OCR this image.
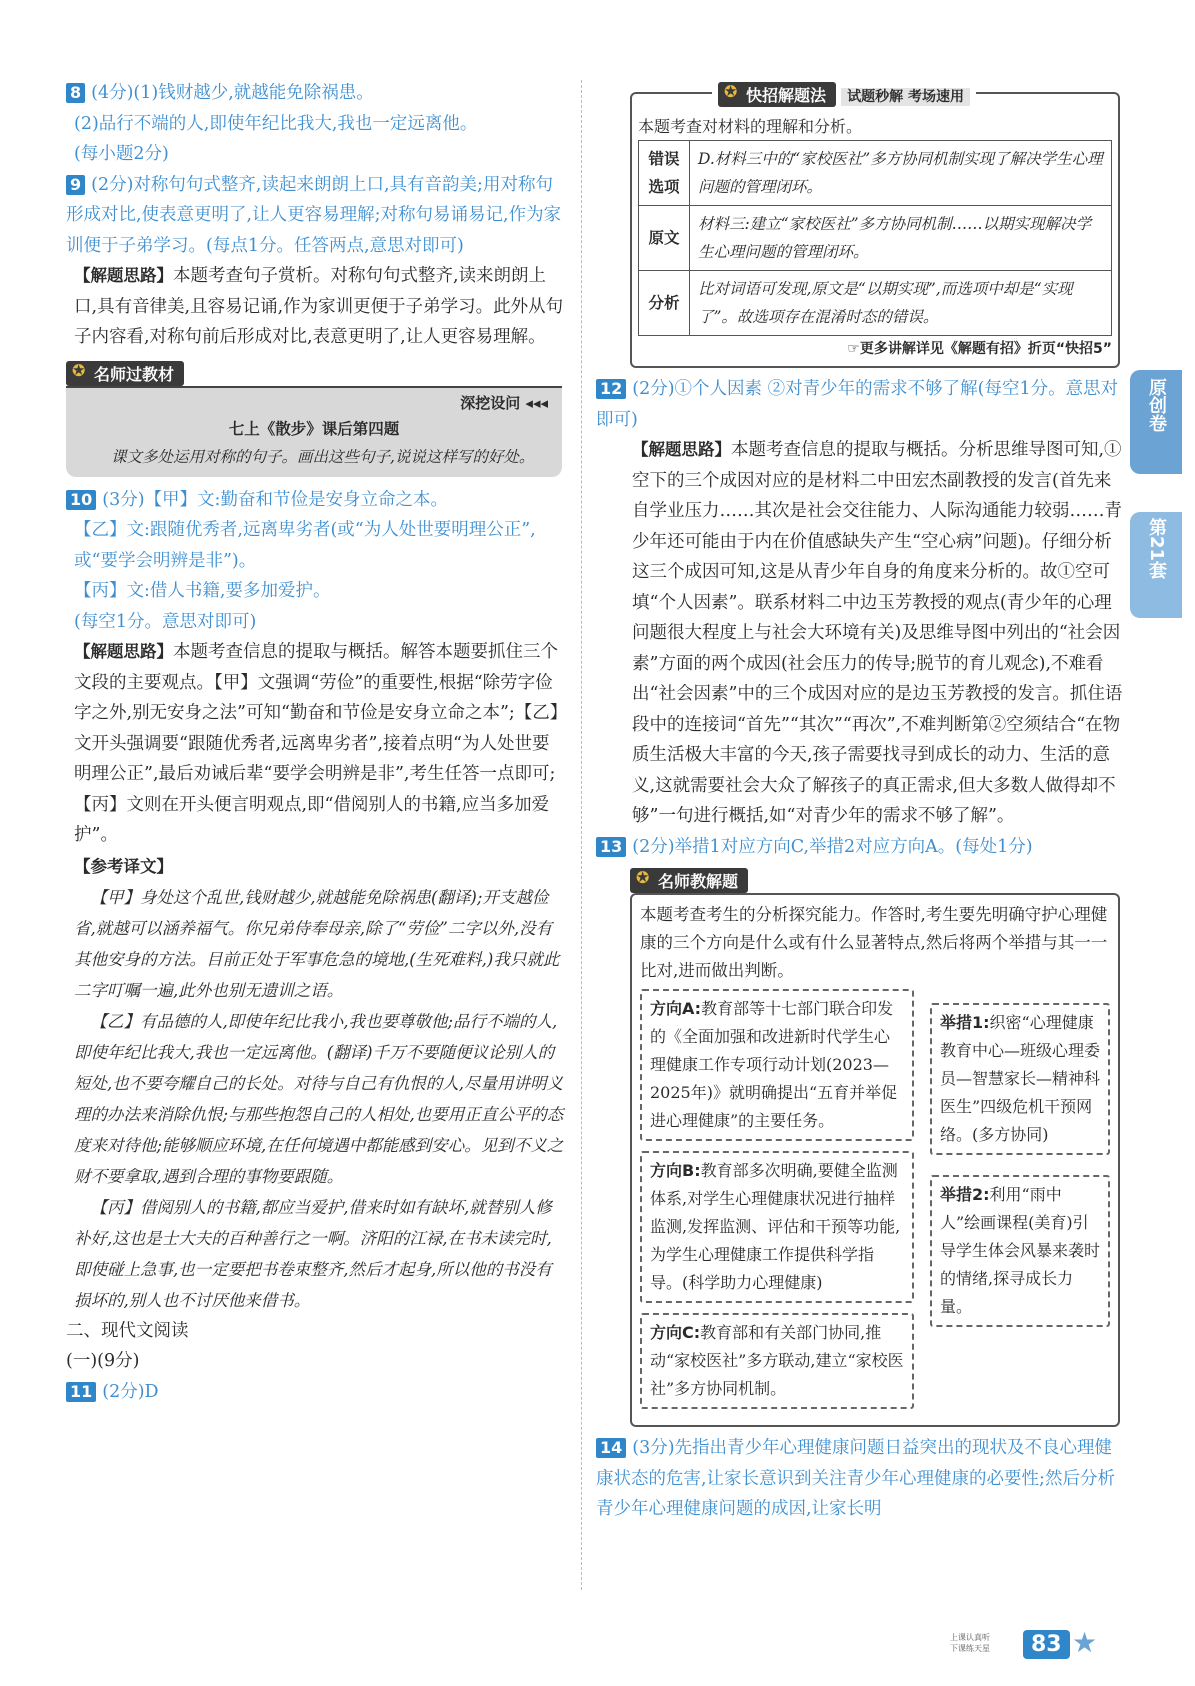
8 (4分)(1)钱财越少,就越能免除祸患。

(2)品行不端的人,即使年纪比我大,我也一定远离他。

(每小题2分)

9 (2分)对称句句式整齐,读起来朗朗上口,具有音韵美;用对称句形成对比,使表意更明了,让人更容易理解;对称句易诵易记,作为家训便于子弟学习。(每点1分。任答两点,意思对即可)

【解题思路】本题考查句子赏析。对称句句式整齐,读来朗朗上口,具有音律美,且容易记诵,作为家训更便于子弟学习。此外从句子内容看,对称句前后形成对比,表意更明了,让人更容易理解。

✪ 名师过教材
深挖设问 ◂◂◂
七上《散步》课后第四题
课文多处运用对称的句子。画出这些句子,说说这样写的好处。

10 (3分)【甲】文:勤奋和节俭是安身立命之本。

【乙】文:跟随优秀者,远离卑劣者(或“为人处世要明理公正”,或“要学会明辨是非”)。

【丙】文:借人书籍,要多加爱护。

(每空1分。意思对即可)

【解题思路】本题考查信息的提取与概括。解答本题要抓住三个文段的主要观点。【甲】文强调“劳俭”的重要性,根据“除劳字俭字之外,别无安身之法”可知“勤奋和节俭是安身立命之本”;【乙】文开头强调要“跟随优秀者,远离卑劣者”,接着点明“为人处世要明理公正”,最后劝诫后辈“要学会明辨是非”,考生任答一点即可;【丙】文则在开头便言明观点,即“借阅别人的书籍,应当多加爱护”。

【参考译文】

【甲】身处这个乱世,钱财越少,就越能免除祸患(翻译);开支越俭省,就越可以涵养福气。你兄弟侍奉母亲,除了“劳俭”二字以外,没有其他安身的方法。目前正处于军事危急的境地,(生死难料,)我只就此二字叮嘱一遍,此外也别无遗训之语。

【乙】有品德的人,即使年纪比我小,我也要尊敬他;品行不端的人,即使年纪比我大,我也一定远离他。(翻译)千万不要随便议论别人的短处,也不要夸耀自己的长处。对待与自己有仇恨的人,尽量用讲明义理的办法来消除仇恨;与那些抱怨自己的人相处,也要用正直公平的态度来对待他;能够顺应环境,在任何境遇中都能感到安心。见到不义之财不要拿取,遇到合理的事物要跟随。

【丙】借阅别人的书籍,都应当爱护,借来时如有缺坏,就替别人修补好,这也是士大夫的百种善行之一啊。济阳的江禄,在书未读完时,即使碰上急事,也一定要把书卷束整齐,然后才起身,所以他的书没有损坏的,别人也不讨厌他来借书。

二、现代文阅读

(一)(9分)

11 (2分)D

✪ 快招解题法 试题秒解 考场速用
本题考查对材料的理解和分析。
错误选项	D.材料三中的“家校医社”多方协同机制实现了解决学生心理问题的管理闭环。
原文	材料三:建立“家校医社”多方协同机制……以期实现解决学生心理问题的管理闭环。
分析	比对词语可发现,原文是“以期实现”,而选项中却是“实现了”。故选项存在混淆时态的错误。
☞更多讲解详见《解题有招》折页“快招5”

12 (2分)①个人因素 ②对青少年的需求不够了解(每空1分。意思对即可)

【解题思路】本题考查信息的提取与概括。分析思维导图可知,①空下的三个成因对应的是材料二中田宏杰副教授的发言(首先来自学业压力……其次是社会交往能力、人际沟通能力较弱……青少年还可能由于内在价值感缺失产生“空心病”问题)。仔细分析这三个成因可知,这是从青少年自身的角度来分析的。故①空可填“个人因素”。联系材料二中边玉芳教授的观点(青少年的心理问题很大程度上与社会大环境有关)及思维导图中列出的“社会因素”方面的两个成因(社会压力的传导;脱节的育儿观念),不难看出“社会因素”中的三个成因对应的是边玉芳教授的发言。抓住语段中的连接词“首先”“其次”“再次”,不难判断第②空须结合“在物质生活极大丰富的今天,孩子需要找寻到成长的动力、生活的意义,这就需要社会大众了解孩子的真正需求,但大多数人做得却不够”一句进行概括,如“对青少年的需求不够了解”。

13 (2分)举措1对应方向C,举措2对应方向A。(每处1分)

✪ 名师教解题
本题考查考生的分析探究能力。作答时,考生要先明确守护心理健康的三个方向是什么或有什么显著特点,然后将两个举措与其一一比对,进而做出判断。
方向A:教育部等十七部门联合印发的《全面加强和改进新时代学生心理健康工作专项行动计划(2023—2025年)》就明确提出“五育并举促进心理健康”的主要任务。
方向B:教育部多次明确,要健全监测体系,对学生心理健康状况进行抽样监测,发挥监测、评估和干预等功能,为学生心理健康工作提供科学指导。(科学助力心理健康)
方向C:教育部和有关部门协同,推动“家校医社”多方联动,建立“家校医社”多方协同机制。
举措1:织密“心理健康教育中心—班级心理委员—智慧家长—精神科医生”四级危机干预网络。(多方协同)
举措2:利用“雨中人”绘画课程(美育)引导学生体会风暴来袭时的情绪,探寻成长力量。

14 (3分)先指出青少年心理健康问题日益突出的现状及不良心理健康状态的危害,让家长意识到关注青少年心理健康的必要性;然后分析青少年心理健康问题的成因,让家长明

原创卷
第21套
上课认真听
下课练天星	83 ★
